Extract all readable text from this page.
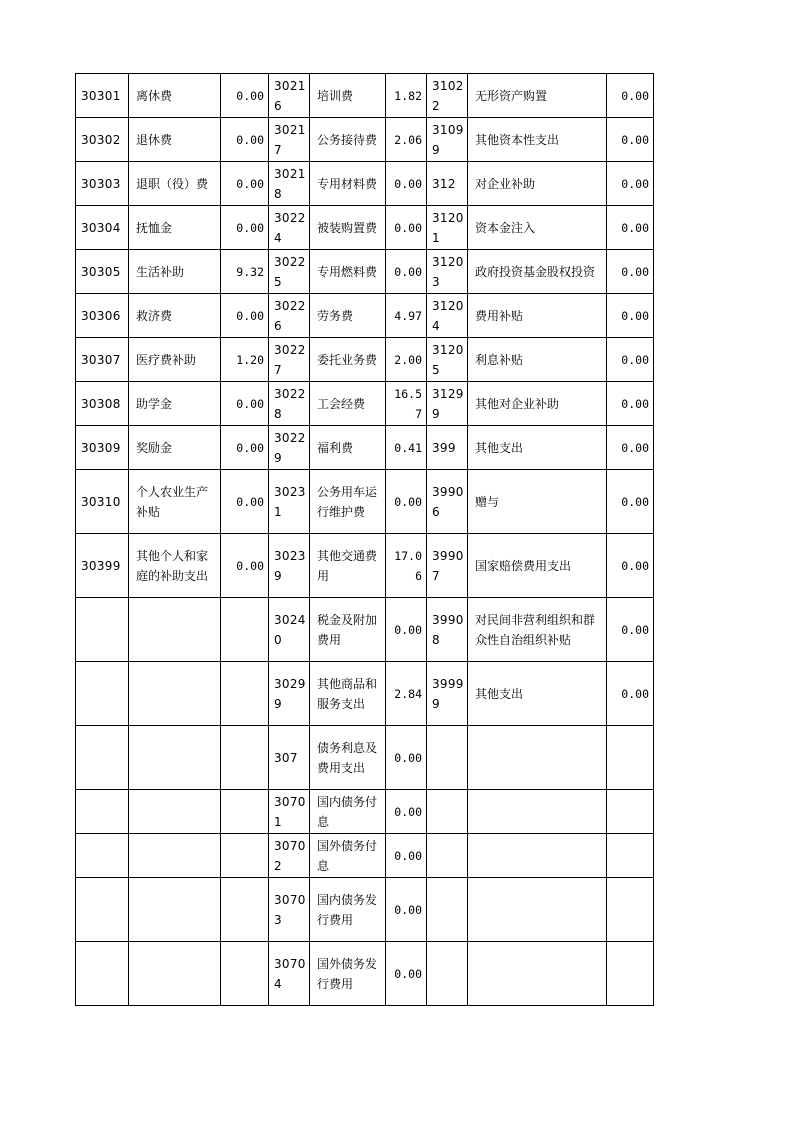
30301	离休费	0.00	30216	培训费	1.82	31022	无形资产购置	0.00
30302	退休费	0.00	30217	公务接待费	2.06	31099	其他资本性支出	0.00
30303	退职（役）费	0.00	30218	专用材料费	0.00	312	对企业补助	0.00
30304	抚恤金	0.00	30224	被装购置费	0.00	31201	资本金注入	0.00
30305	生活补助	9.32	30225	专用燃料费	0.00	31203	政府投资基金股权投资	0.00
30306	救济费	0.00	30226	劳务费	4.97	31204	费用补贴	0.00
30307	医疗费补助	1.20	30227	委托业务费	2.00	31205	利息补贴	0.00
30308	助学金	0.00	30228	工会经费	16.57	31299	其他对企业补助	0.00
30309	奖励金	0.00	30229	福利费	0.41	399	其他支出	0.00
30310	个人农业生产补贴	0.00	30231	公务用车运行维护费	0.00	39906	赠与	0.00
30399	其他个人和家庭的补助支出	0.00	30239	其他交通费用	17.06	39907	国家赔偿费用支出	0.00
			30240	税金及附加费用	0.00	39908	对民间非营利组织和群众性自治组织补贴	0.00
			30299	其他商品和服务支出	2.84	39999	其他支出	0.00
			307	债务利息及费用支出	0.00			
			30701	国内债务付息	0.00			
			30702	国外债务付息	0.00			
			30703	国内债务发行费用	0.00			
			30704	国外债务发行费用	0.00			
